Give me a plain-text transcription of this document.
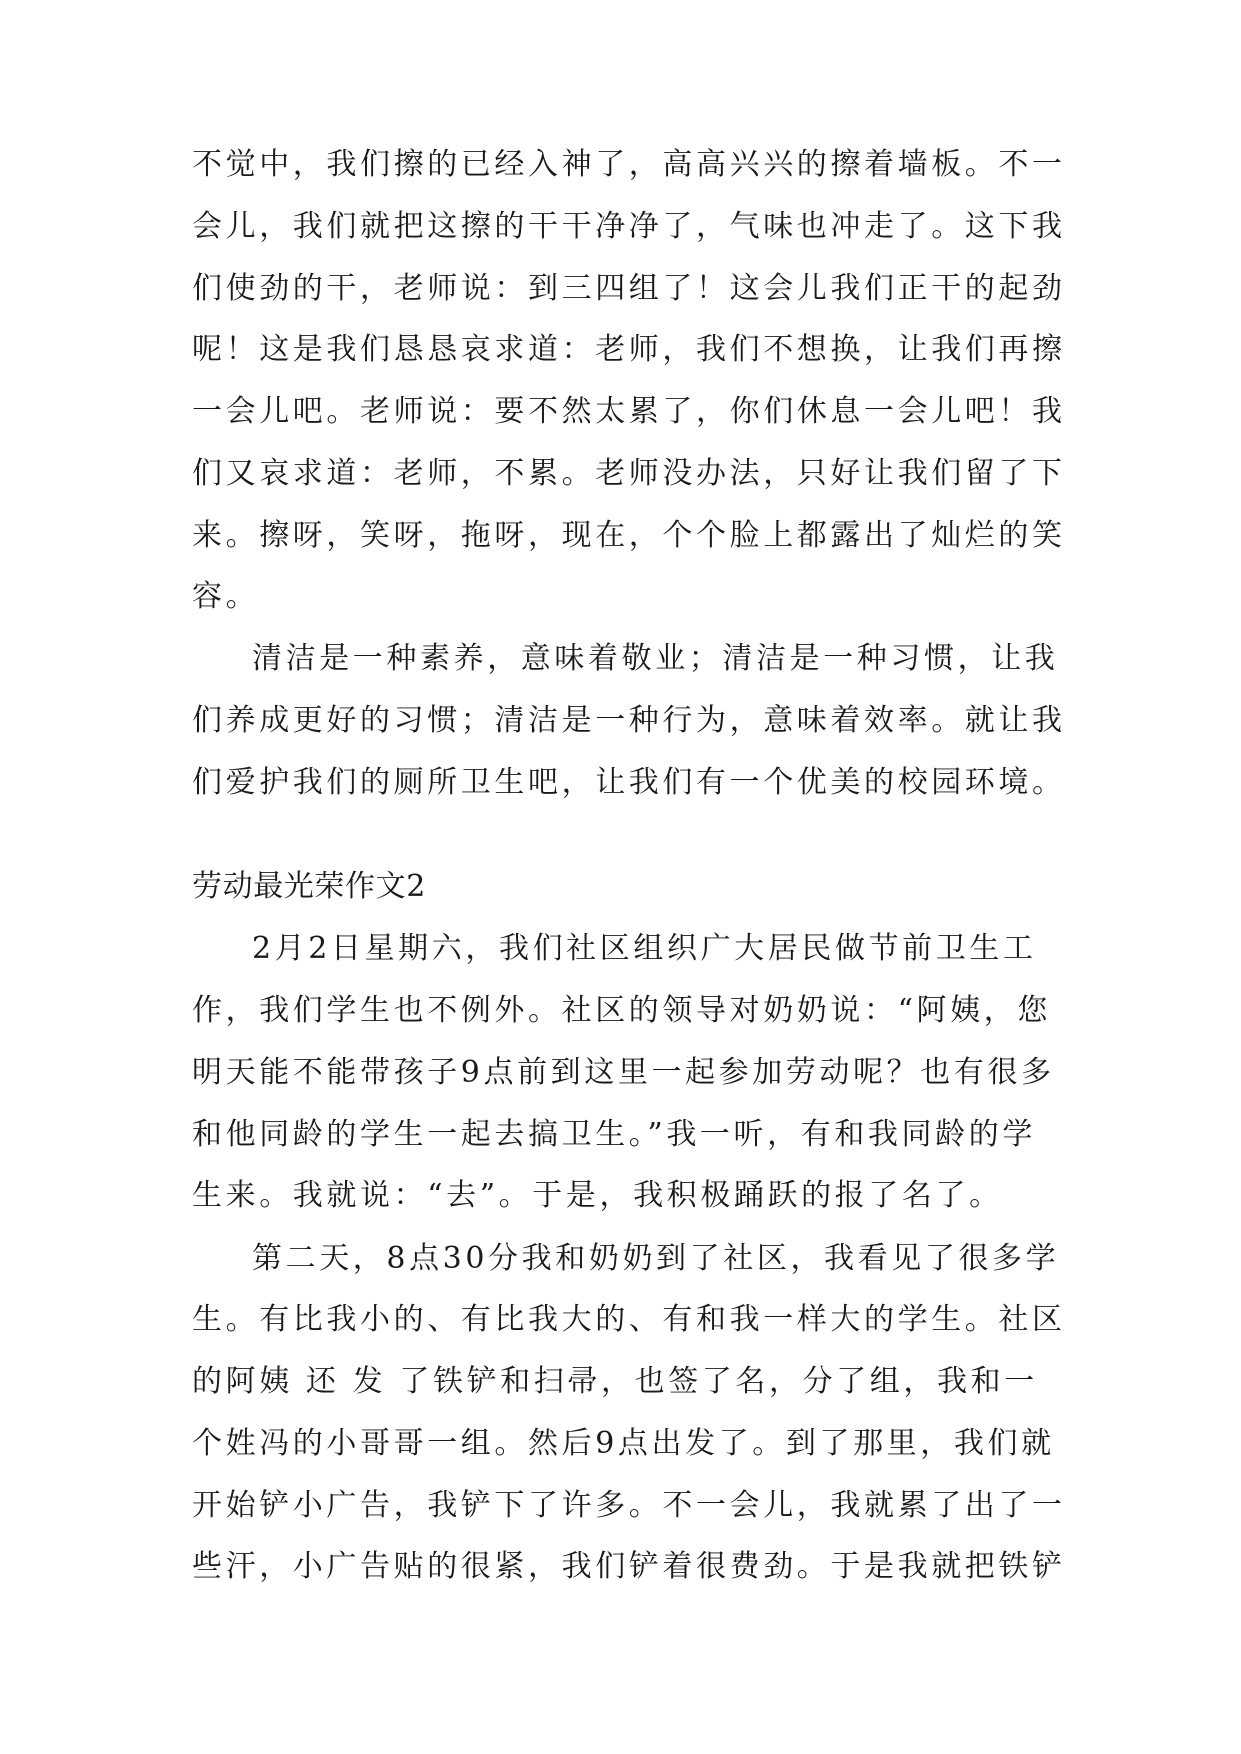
不觉中，我们擦的已经入神了，高高兴兴的擦着墙板。不一

会儿，我们就把这擦的干干净净了，气味也冲走了。这下我

们使劲的干，老师说：到三四组了！这会儿我们正干的起劲

呢！这是我们恳恳哀求道：老师，我们不想换，让我们再擦

一会儿吧。老师说：要不然太累了，你们休息一会儿吧！我

们又哀求道：老师，不累。老师没办法，只好让我们留了下

来。擦呀，笑呀，拖呀，现在，个个脸上都露出了灿烂的笑

容。

清洁是一种素养，意味着敬业；清洁是一种习惯，让我

们养成更好的习惯；清洁是一种行为，意味着效率。就让我

们爱护我们的厕所卫生吧，让我们有一个优美的校园环境。

劳动最光荣作文2

2月2日星期六，我们社区组织广大居民做节前卫生工

作，我们学生也不例外。社区的领导对奶奶说：“阿姨，您

明天能不能带孩子9点前到这里一起参加劳动呢？也有很多

和他同龄的学生一起去搞卫生。”我一听，有和我同龄的学

生来。我就说：“去”。于是，我积极踊跃的报了名了。

第二天，8点30分我和奶奶到了社区，我看见了很多学

生。有比我小的、有比我大的、有和我一样大的学生。社区

的阿姨 还 发 了铁铲和扫帚，也签了名，分了组，我和一

个姓冯的小哥哥一组。然后9点出发了。到了那里，我们就

开始铲小广告，我铲下了许多。不一会儿，我就累了出了一

些汗，小广告贴的很紧，我们铲着很费劲。于是我就把铁铲
